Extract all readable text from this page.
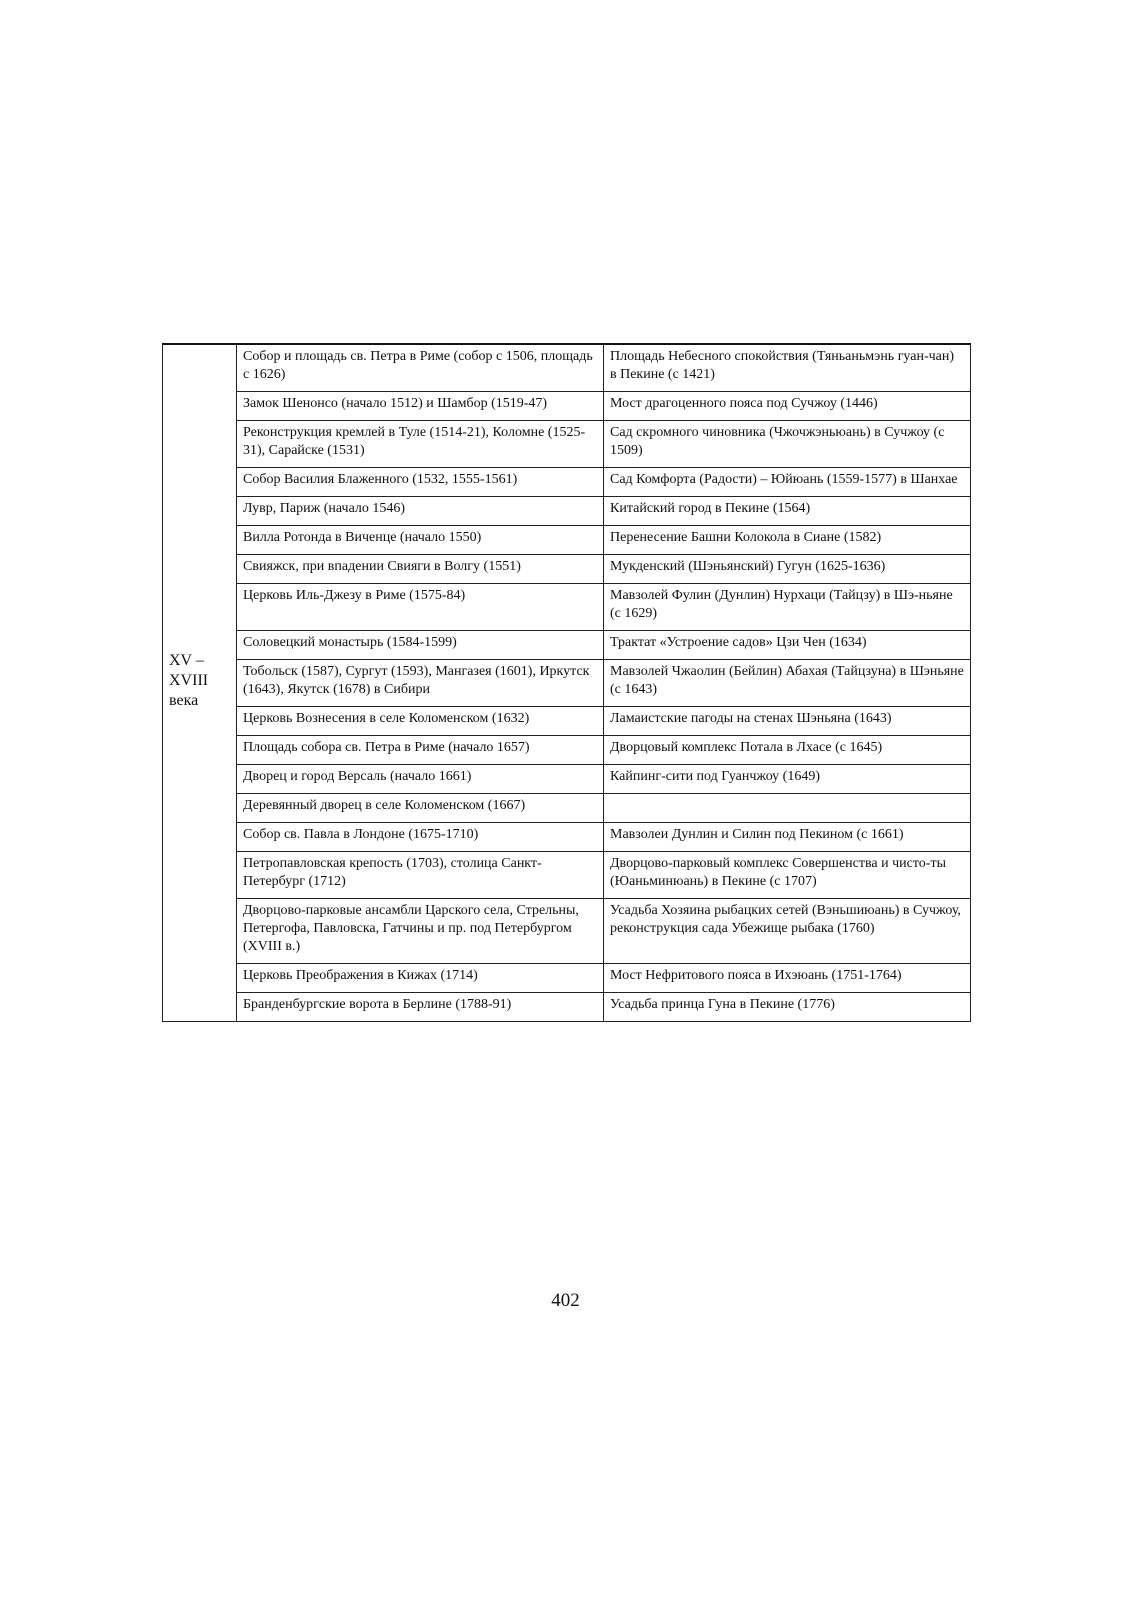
XV – XVIII века	Собор и площадь св. Петра в Риме (собор с 1506, площадь с 1626)	Площадь Небесного спокойствия (Тяньаньмэнь гуан-чан) в Пекине (с 1421)
	Замок Шенонсо (начало 1512) и Шамбор (1519-47)	Мост драгоценного пояса под Сучжоу (1446)
	Реконструкция кремлей в Туле (1514-21), Коломне (1525-31), Сарайске (1531)	Сад скромного чиновника (Чжочжэньюань) в Сучжоу (с 1509)
	Собор Василия Блаженного (1532, 1555-1561)	Сад Комфорта (Радости) – Юйюань (1559-1577) в Шанхае
	Лувр, Париж (начало 1546)	Китайский город в Пекине (1564)
	Вилла Ротонда в Виченце (начало 1550)	Перенесение Башни Колокола в Сиане (1582)
	Свияжск, при впадении Свияги в Волгу (1551)	Мукденский (Шэньянский) Гугун (1625-1636)
	Церковь Иль-Джезу в Риме (1575-84)	Мавзолей Фулин (Дунлин) Нурхаци (Тайцзу) в Шэ-ньяне (с 1629)
	Соловецкий монастырь (1584-1599)	Трактат «Устроение садов» Цзи Чен (1634)
	Тобольск (1587), Сургут (1593), Мангазея (1601), Иркутск (1643), Якутск (1678) в Сибири	Мавзолей Чжаолин (Бейлин) Абахая (Тайцзуна) в Шэньяне (с 1643)
	Церковь Вознесения в селе Коломенском (1632)	Ламаистские пагоды на стенах Шэньяна (1643)
	Площадь собора св. Петра в Риме (начало 1657)	Дворцовый комплекс Потала в Лхасе (с 1645)
	Дворец и город Версаль (начало 1661)	Кайпинг-сити под Гуанчжоу (1649)
	Деревянный дворец в селе Коломенском (1667)	
	Собор св. Павла в Лондоне (1675-1710)	Мавзолеи Дунлин и Силин под Пекином (с 1661)
	Петропавловская крепость (1703), столица Санкт-Петербург (1712)	Дворцово-парковый комплекс Совершенства и чисто-ты (Юаньминюань) в Пекине (с 1707)
	Дворцово-парковые ансамбли Царского села, Стрельны, Петергофа, Павловска, Гатчины и пр. под Петербургом (XVIII в.)	Усадьба Хозяина рыбацких сетей (Вэньшиюань) в Сучжоу, реконструкция сада Убежище рыбака (1760)
	Церковь Преображения в Кижах (1714)	Мост Нефритового пояса в Ихэюань (1751-1764)
	Бранденбургские ворота в Берлине (1788-91)	Усадьба принца Гуна в Пекине (1776)
402
